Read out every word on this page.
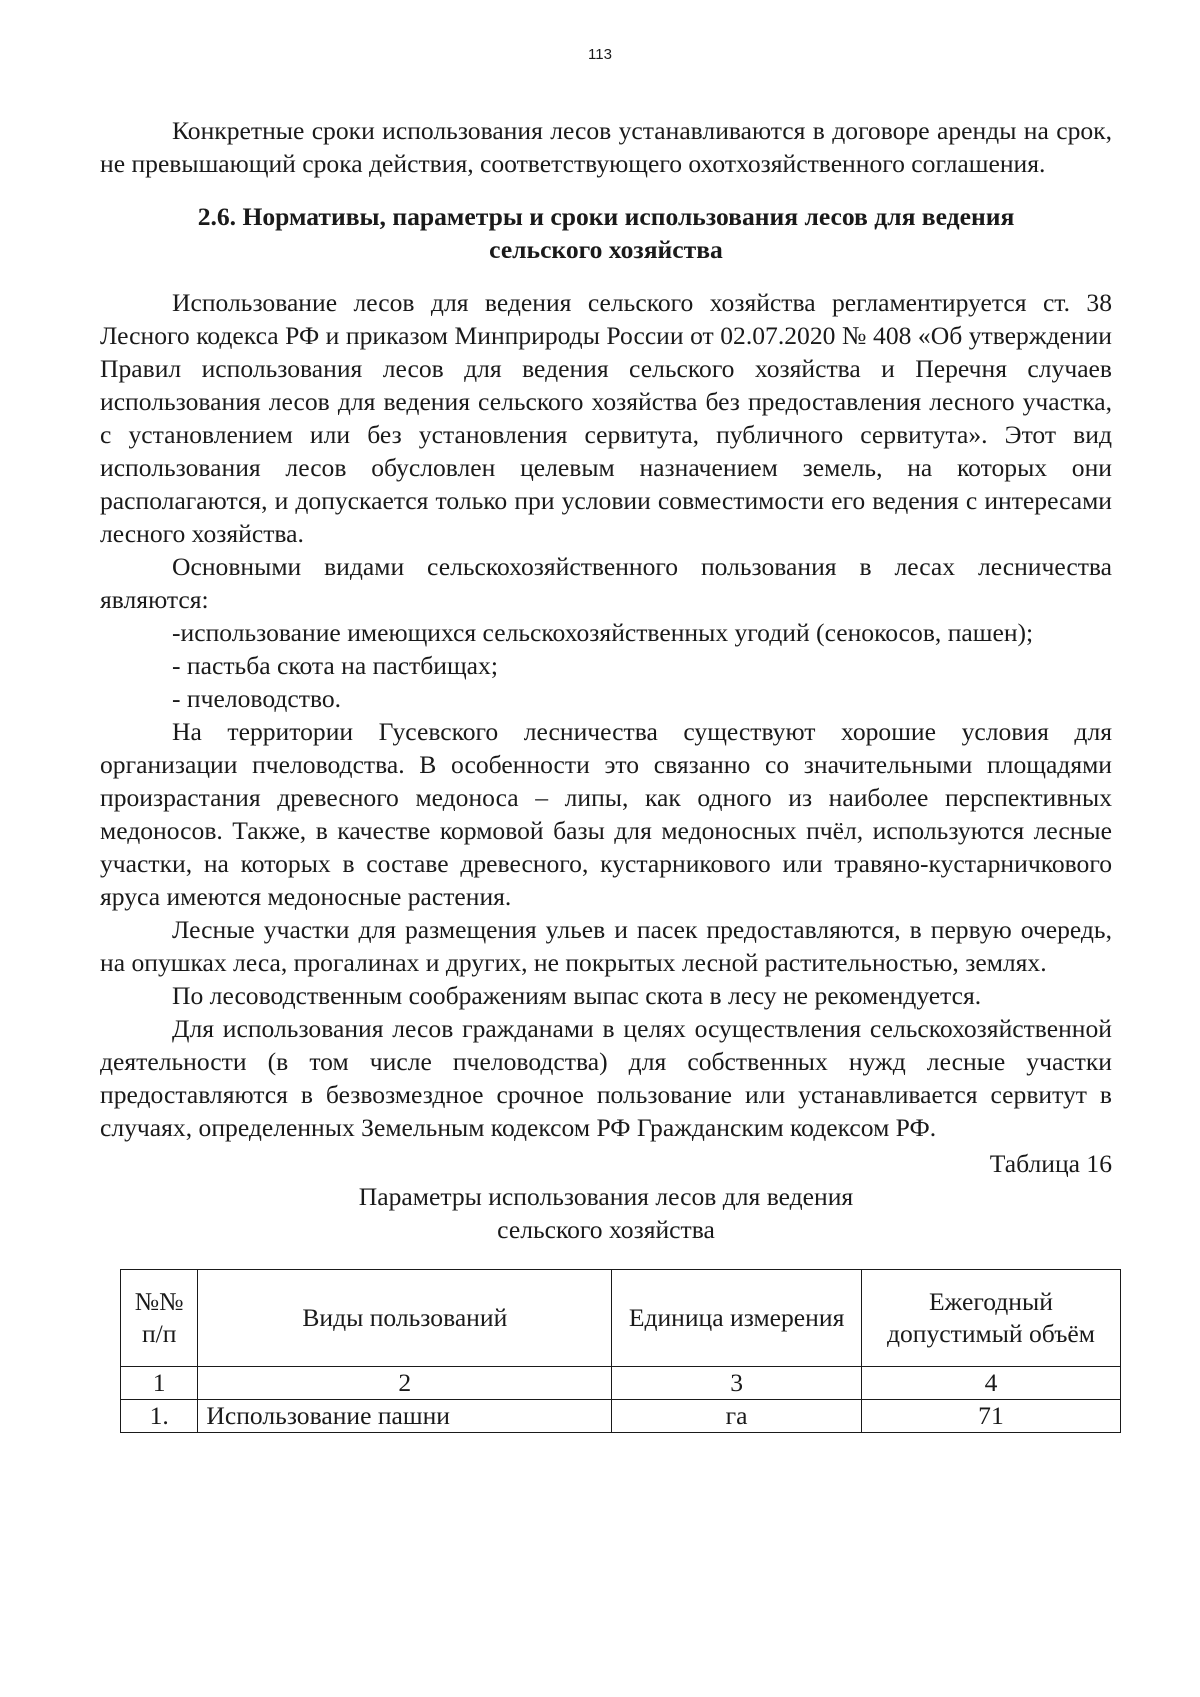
113

Конкретные сроки использования лесов устанавливаются в договоре аренды на срок, не превышающий срока действия, соответствующего охотхозяйственного соглашения.

2.6. Нормативы, параметры и сроки использования лесов для ведения сельского хозяйства

Использование лесов для ведения сельского хозяйства регламентируется ст. 38 Лесного кодекса РФ и приказом Минприроды России от 02.07.2020 № 408 «Об утверждении Правил использования лесов для ведения сельского хозяйства и Перечня случаев использования лесов для ведения сельского хозяйства без предоставления лесного участка, с установлением или без установления сервитута, публичного сервитута». Этот вид использования лесов обусловлен целевым назначением земель, на которых они располагаются, и допускается только при условии совместимости его ведения с интересами лесного хозяйства.

Основными видами сельскохозяйственного пользования в лесах лесничества являются:

-использование имеющихся сельскохозяйственных угодий (сенокосов, пашен);

- пастьба скота на пастбищах;

- пчеловодство.

На территории Гусевского лесничества существуют хорошие условия для организации пчеловодства. В особенности это связанно со значительными площадями произрастания древесного медоноса – липы, как одного из наиболее перспективных медоносов. Также, в качестве кормовой базы для медоносных пчёл, используются лесные участки, на которых в составе древесного, кустарникового или травяно-кустарничкового яруса имеются медоносные растения.

Лесные участки для размещения ульев и пасек предоставляются, в первую очередь, на опушках леса, прогалинах и других, не покрытых лесной растительностью, землях.

По лесоводственным соображениям выпас скота в лесу не рекомендуется.

Для использования лесов гражданами в целях осуществления сельскохозяйственной деятельности (в том числе пчеловодства) для собственных нужд лесные участки предоставляются в безвозмездное срочное пользование или устанавливается сервитут в случаях, определенных Земельным кодексом РФ Гражданским кодексом РФ.

Таблица 16
Параметры использования лесов для ведения сельского хозяйства
№№ п/п	Виды пользований	Единица измерения	Ежегодный допустимый объём
1	2	3	4
1.	Использование пашни	га	71
